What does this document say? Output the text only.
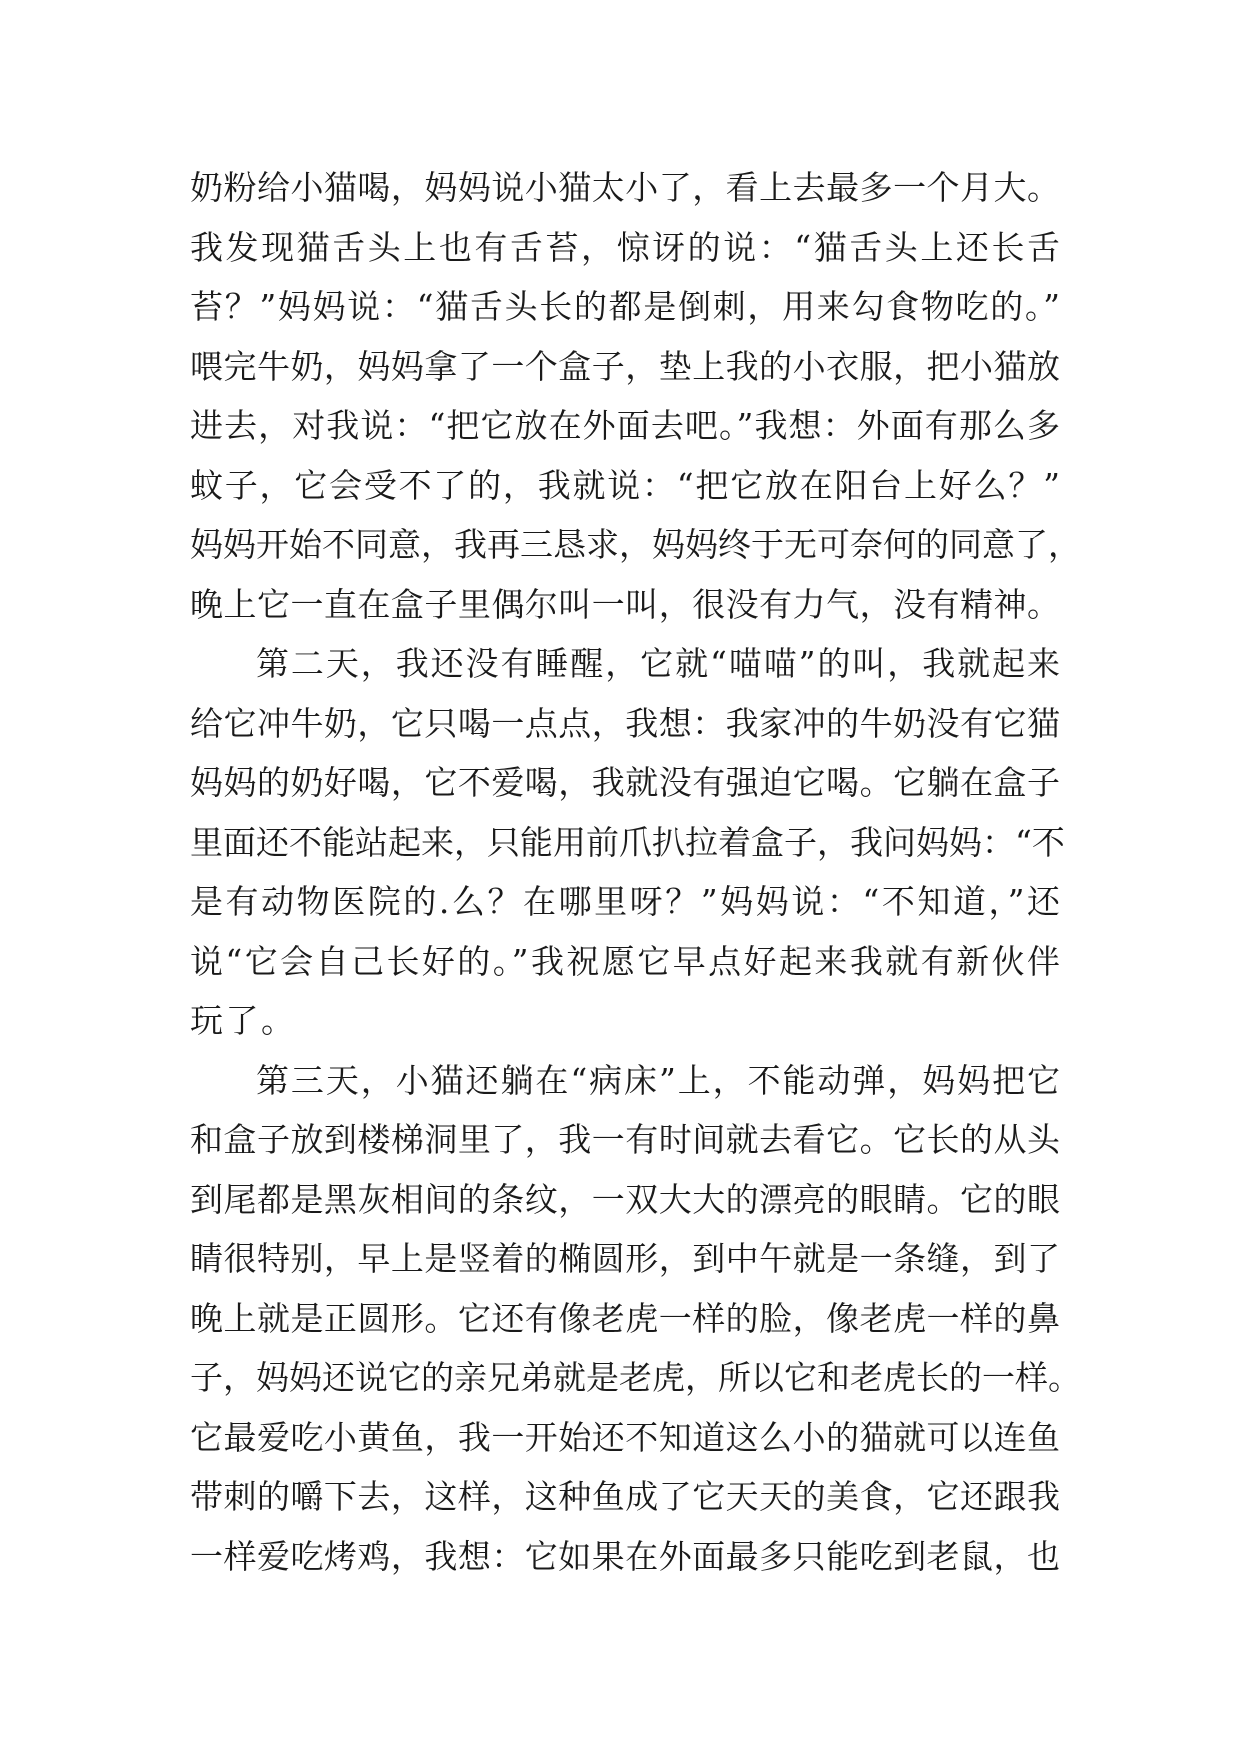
奶粉给小猫喝，妈妈说小猫太小了，看上去最多一个月大。
我发现猫舌头上也有舌苔，惊讶的说：“猫舌头上还长舌
苔？”妈妈说：“猫舌头长的都是倒刺，用来勾食物吃的。”
喂完牛奶，妈妈拿了一个盒子，垫上我的小衣服，把小猫放
进去，对我说：“把它放在外面去吧。”我想：外面有那么多
蚊子，它会受不了的，我就说：“把它放在阳台上好么？”
妈妈开始不同意，我再三恳求，妈妈终于无可奈何的同意了，
晚上它一直在盒子里偶尔叫一叫，很没有力气，没有精神。
第二天，我还没有睡醒，它就“喵喵”的叫，我就起来
给它冲牛奶，它只喝一点点，我想：我家冲的牛奶没有它猫
妈妈的奶好喝，它不爱喝，我就没有强迫它喝。它躺在盒子
里面还不能站起来，只能用前爪扒拉着盒子，我问妈妈：“不
是有动物医院的.么？在哪里呀？”妈妈说：“不知道，”还
说“它会自己长好的。”我祝愿它早点好起来我就有新伙伴
玩了。
第三天，小猫还躺在“病床”上，不能动弹，妈妈把它
和盒子放到楼梯洞里了，我一有时间就去看它。它长的从头
到尾都是黑灰相间的条纹，一双大大的漂亮的眼睛。它的眼
睛很特别，早上是竖着的椭圆形，到中午就是一条缝，到了
晚上就是正圆形。它还有像老虎一样的脸，像老虎一样的鼻
子，妈妈还说它的亲兄弟就是老虎，所以它和老虎长的一样。
它最爱吃小黄鱼，我一开始还不知道这么小的猫就可以连鱼
带刺的嚼下去，这样，这种鱼成了它天天的美食，它还跟我
一样爱吃烤鸡，我想：它如果在外面最多只能吃到老鼠，也
